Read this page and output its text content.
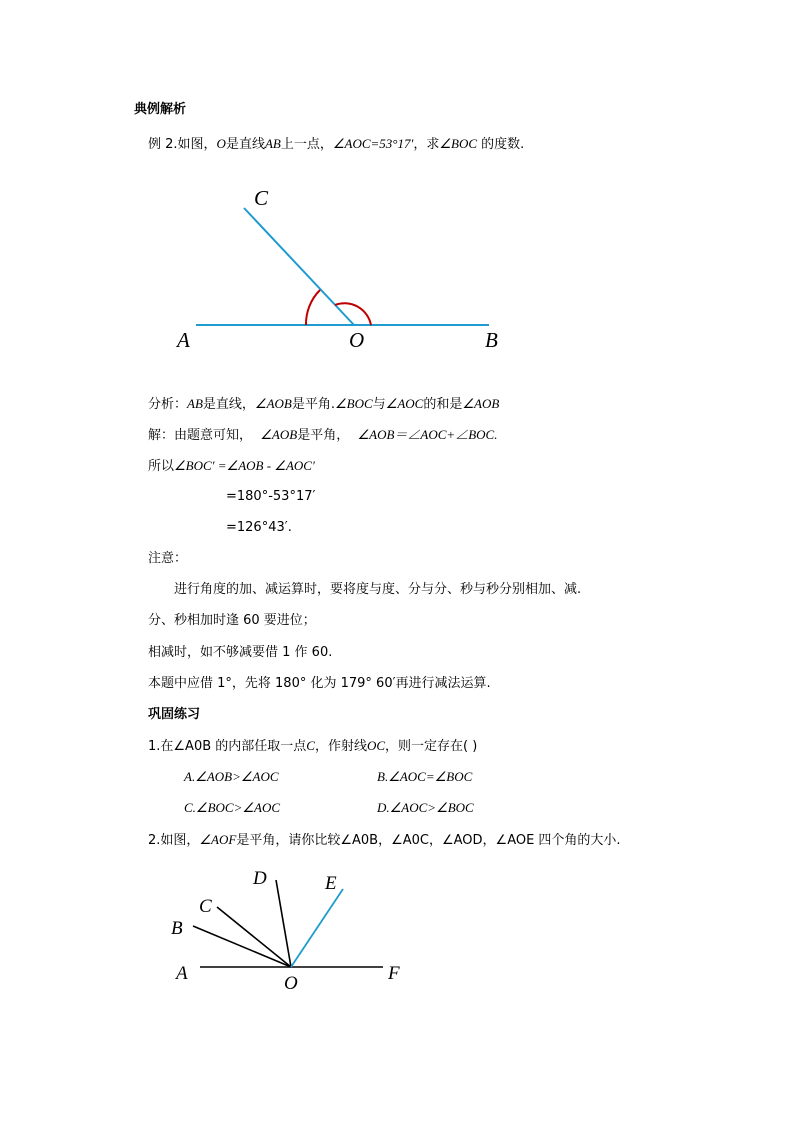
典例解析
例 2.如图，O是直线AB上一点，∠AOC=53°17′，求∠BOC 的度数.
C
A	O	B
分析：AB是直线，∠AOB是平角.∠BOC与∠AOC的和是∠AOB
解：由题意可知， ∠AOB是平角， ∠AOB＝∠AOC+∠BOC.
所以∠BOC′ =∠AOB - ∠AOC′
=180°-53°17′
=126°43′.
注意：
进行角度的加、减运算时，要将度与度、分与分、秒与秒分别相加、减.
分、秒相加时逢 60 要进位；
相减时，如不够减要借 1 作 60.
本题中应借 1°，先将 180° 化为 179° 60′再进行减法运算.
巩固练习
1.在∠A0B 的内部任取一点C，作射线OC，则一定存在( )
A.∠AOB>∠AOC	B.∠AOC=∠BOC
C.∠BOC>∠AOC	D.∠AOC>∠BOC
2.如图，∠AOF是平角，请你比较∠A0B，∠A0C，∠AOD，∠AOE 四个角的大小.
A
B
C
D	E
O	F
